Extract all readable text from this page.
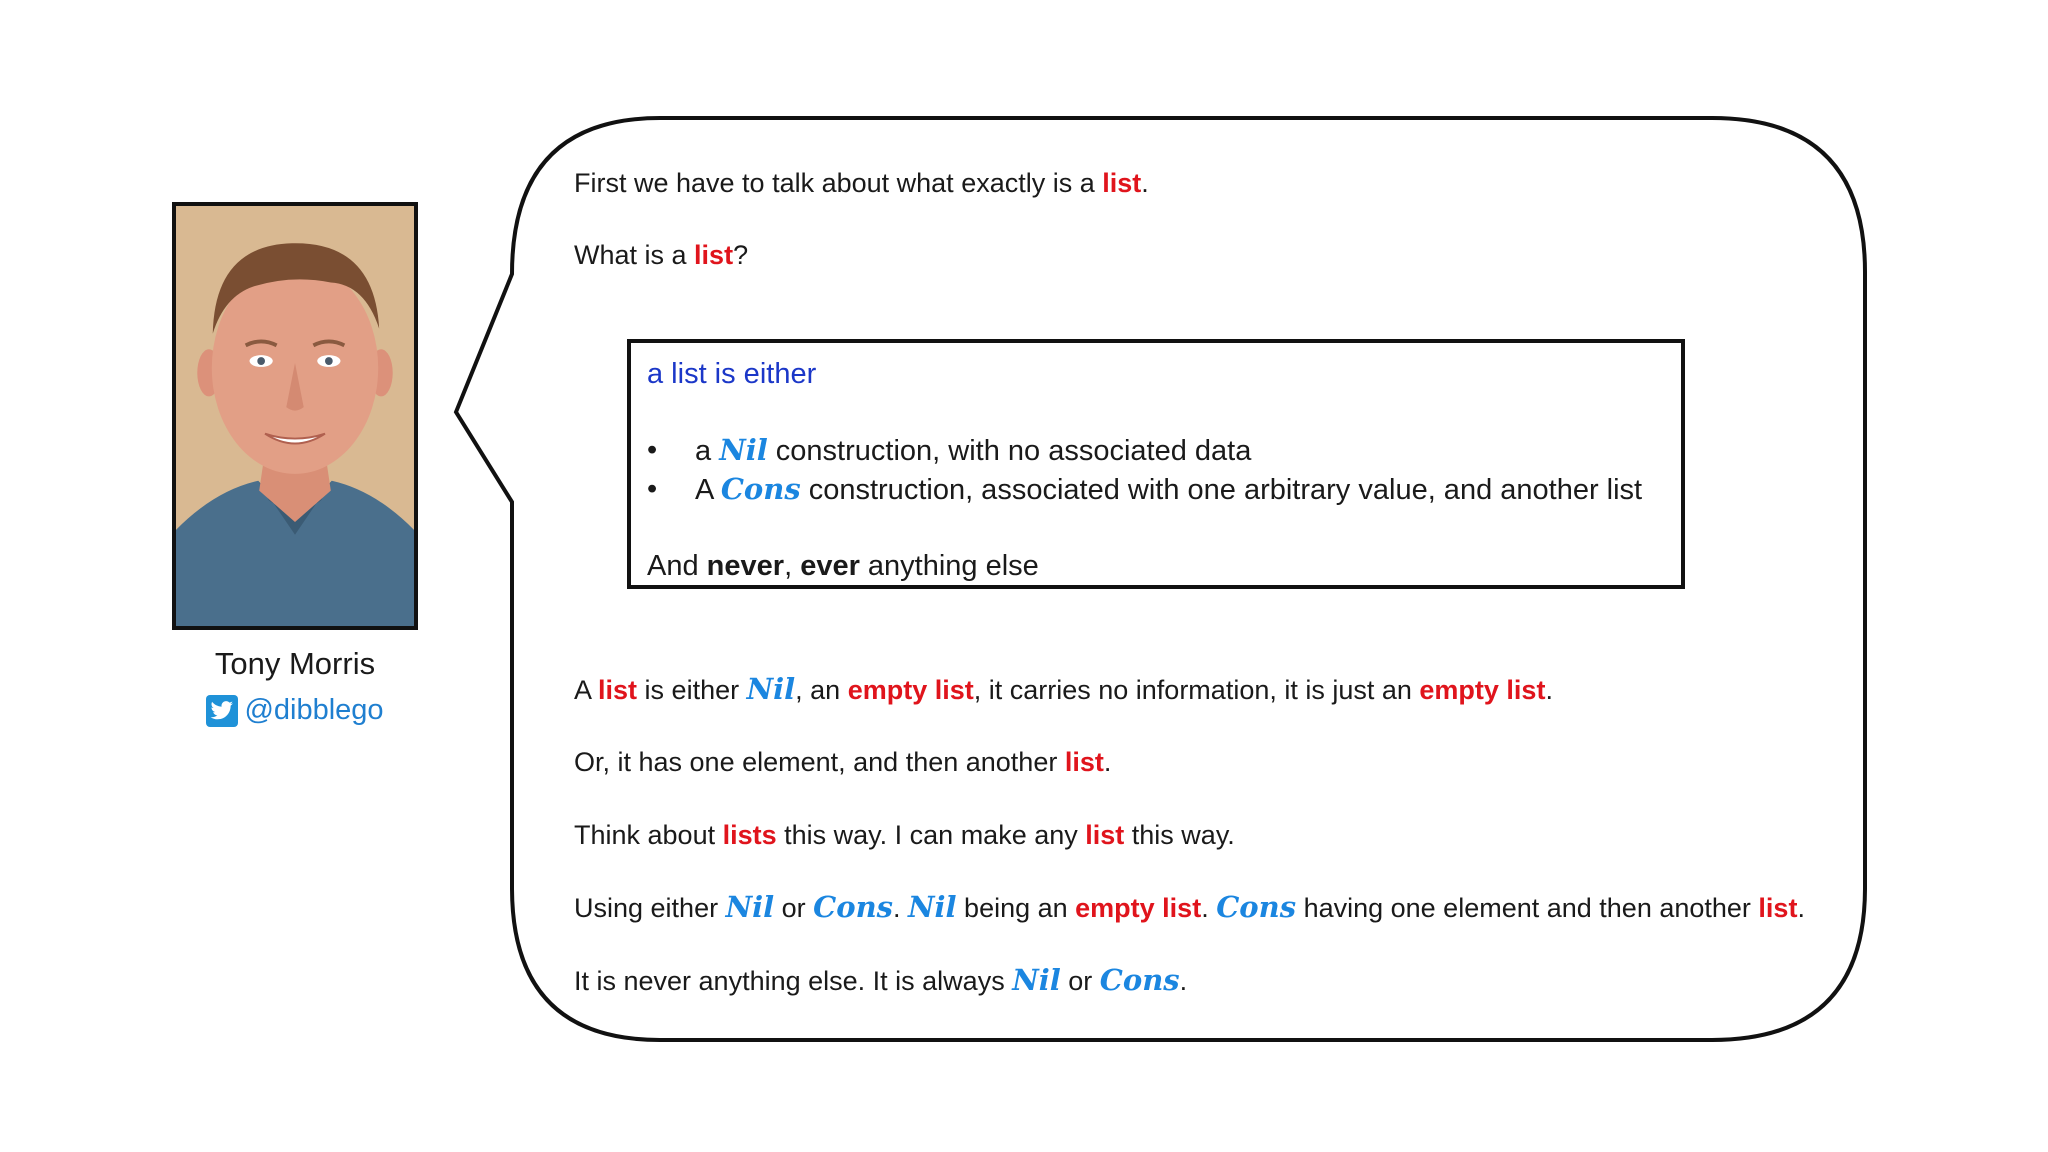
Tony Morris
@dibblego
First we have to talk about what exactly is a list.
What is a list?
a list is either
• a Nil construction, with no associated data
• A Cons construction, associated with one arbitrary value, and another list
And never, ever anything else
A list is either Nil, an empty list, it carries no information, it is just an empty list.
Or, it has one element, and then another list.
Think about lists this way. I can make any list this way.
Using either Nil or Cons. Nil being an empty list. Cons having one element and then another list.
It is never anything else. It is always Nil or Cons.
